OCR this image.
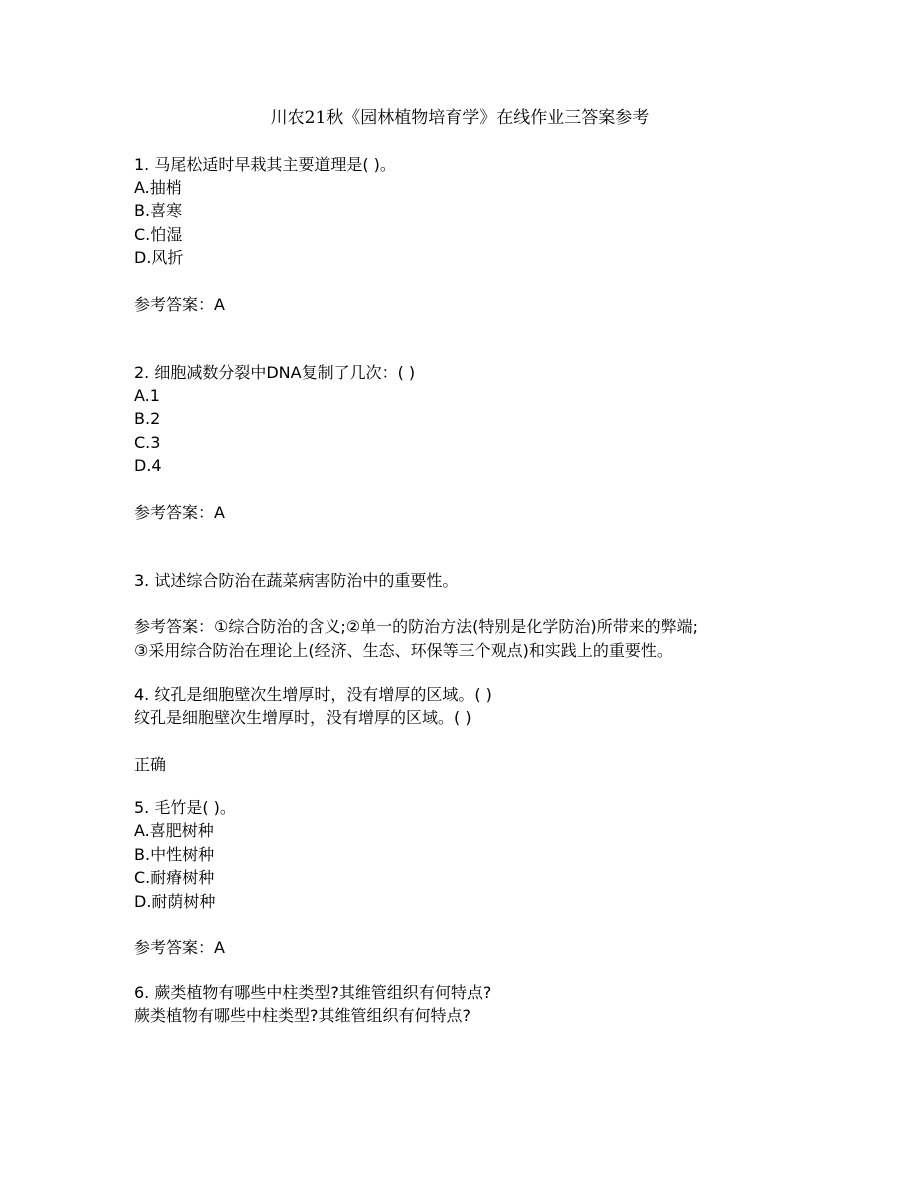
川农21秋《园林植物培育学》在线作业三答案参考
1. 马尾松适时早栽其主要道理是( )。
A.抽梢
B.喜寒
C.怕湿
D.风折
参考答案：A
2. 细胞减数分裂中DNA复制了几次：( )
A.1
B.2
C.3
D.4
参考答案：A
3. 试述综合防治在蔬菜病害防治中的重要性。
参考答案：①综合防治的含义;②单一的防治方法(特别是化学防治)所带来的弊端;
③采用综合防治在理论上(经济、生态、环保等三个观点)和实践上的重要性。
4. 纹孔是细胞壁次生增厚时，没有增厚的区域。( )
纹孔是细胞壁次生增厚时，没有增厚的区域。( )
正确
5. 毛竹是( )。
A.喜肥树种
B.中性树种
C.耐瘠树种
D.耐荫树种
参考答案：A
6. 蕨类植物有哪些中柱类型?其维管组织有何特点?
蕨类植物有哪些中柱类型?其维管组织有何特点?
